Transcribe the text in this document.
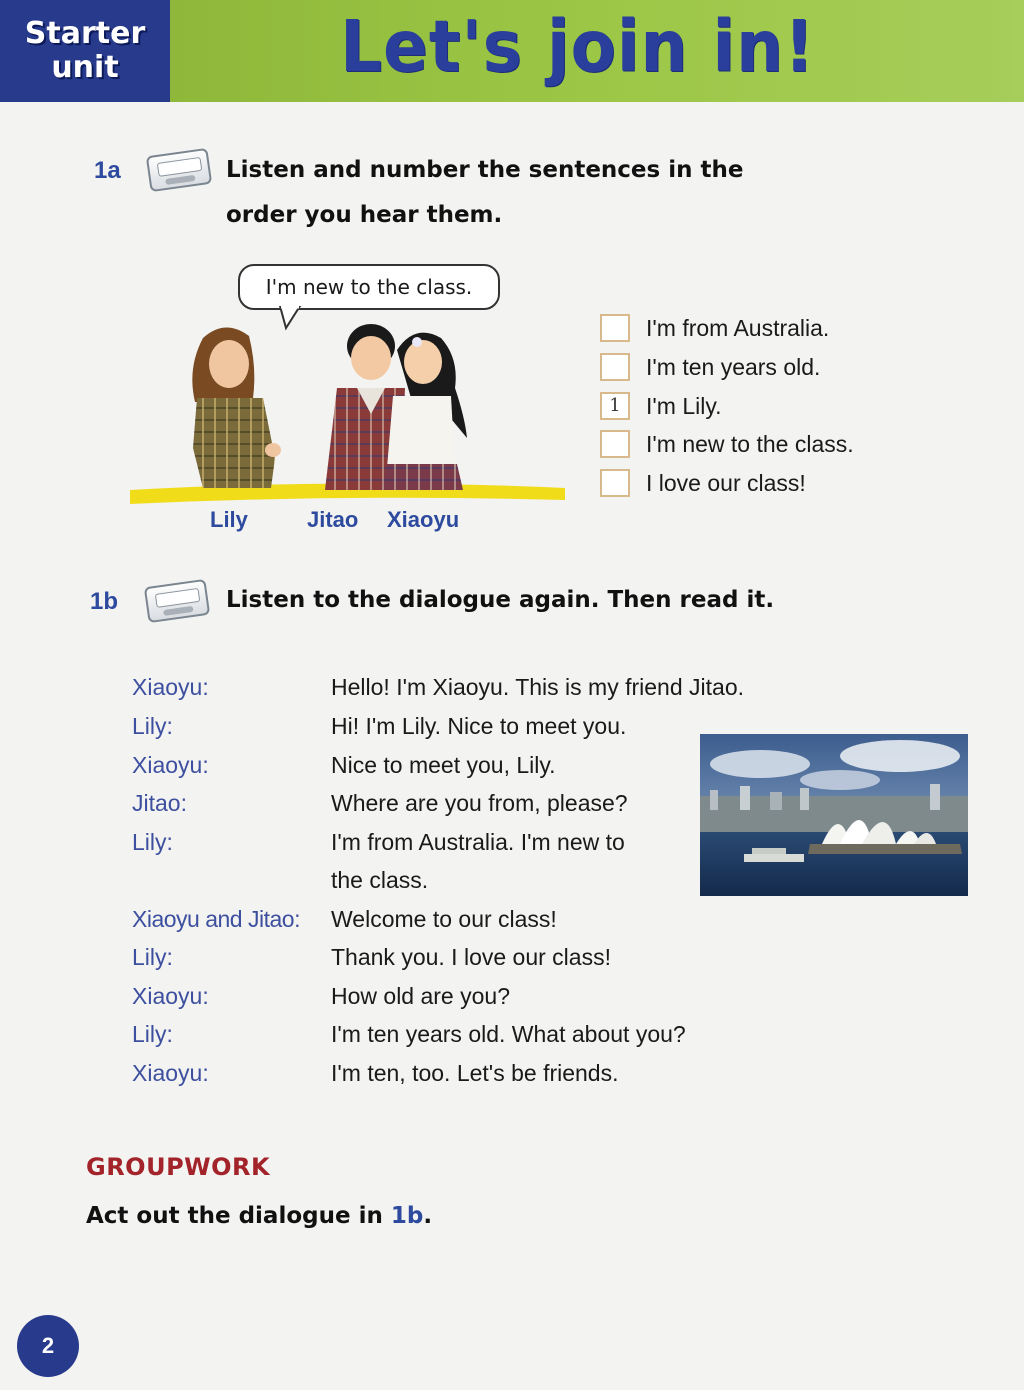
Starter
unit	Let's join in!
1a	Listen and number the sentences in the
order you hear them.
I'm new to the class.
Lily	Jitao Xiaoyu
I'm from Australia.
I'm ten years old.
1	I'm Lily.
I'm new to the class.
I love our class!
1b	Listen to the dialogue again. Then read it.
Xiaoyu:	Hello! I'm Xiaoyu. This is my friend Jitao.
Lily:	Hi! I'm Lily. Nice to meet you.
Xiaoyu:	Nice to meet you, Lily.
Jitao:	Where are you from, please?
Lily:	I'm from Australia. I'm new to
the class.
Xiaoyu and Jitao: Welcome to our class!
Lily:	Thank you. I love our class!
Xiaoyu:	How old are you?
Lily:	I'm ten years old. What about you?
Xiaoyu:	I'm ten, too. Let's be friends.
GROUPWORK
Act out the dialogue in 1b.
2
